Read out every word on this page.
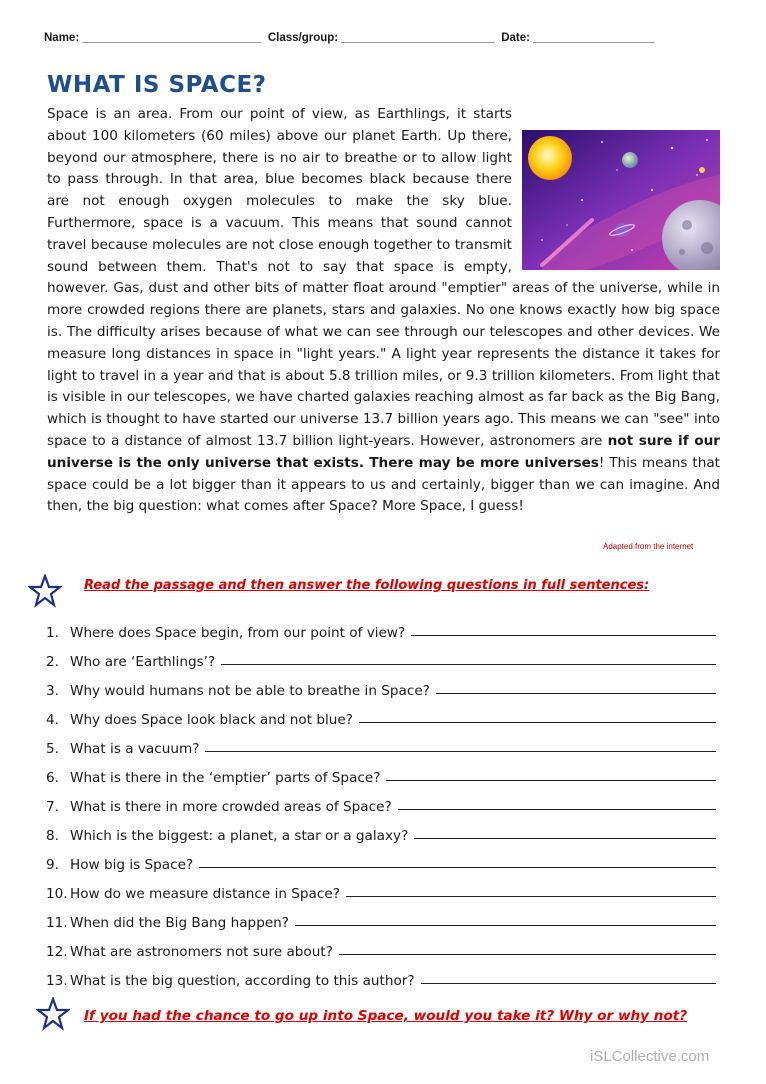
Name: ____________________________ Class/group: ________________________ Date: ___________________
WHAT IS SPACE?

Space is an area. From our point of view, as Earthlings, it starts about 100 kilometers (60 miles) above our planet Earth. Up there, beyond our atmosphere, there is no air to breathe or to allow light to pass through. In that area, blue becomes black because there are not enough oxygen molecules to make the sky blue. Furthermore, space is a vacuum. This means that sound cannot travel because molecules are not close enough together to transmit sound between them. That's not to say that space is empty, however. Gas, dust and other bits of matter float around "emptier" areas of the universe, while in more crowded regions there are planets, stars and galaxies. No one knows exactly how big space is. The difficulty arises because of what we can see through our telescopes and other devices. We measure long distances in space in "light years." A light year represents the distance it takes for light to travel in a year and that is about 5.8 trillion miles, or 9.3 trillion kilometers. From light that is visible in our telescopes, we have charted galaxies reaching almost as far back as the Big Bang, which is thought to have started our universe 13.7 billion years ago. This means we can "see" into space to a distance of almost 13.7 billion light-years. However, astronomers are not sure if our universe is the only universe that exists. There may be more universes! This means that space could be a lot bigger than it appears to us and certainly, bigger than we can imagine. And then, the big question: what comes after Space? More Space, I guess!

Adapted from the internet
Read the passage and then answer the following questions in full sentences:
1. Where does Space begin, from our point of view?
2. Who are ‘Earthlings’?
3. Why would humans not be able to breathe in Space?
4. Why does Space look black and not blue?
5. What is a vacuum?
6. What is there in the ‘emptier’ parts of Space?
7. What is there in more crowded areas of Space?
8. Which is the biggest: a planet, a star or a galaxy?
9. How big is Space?
10. How do we measure distance in Space?
11. When did the Big Bang happen?
12. What are astronomers not sure about?
13. What is the big question, according to this author?
If you had the chance to go up into Space, would you take it? Why or why not?
iSLCollective.com
